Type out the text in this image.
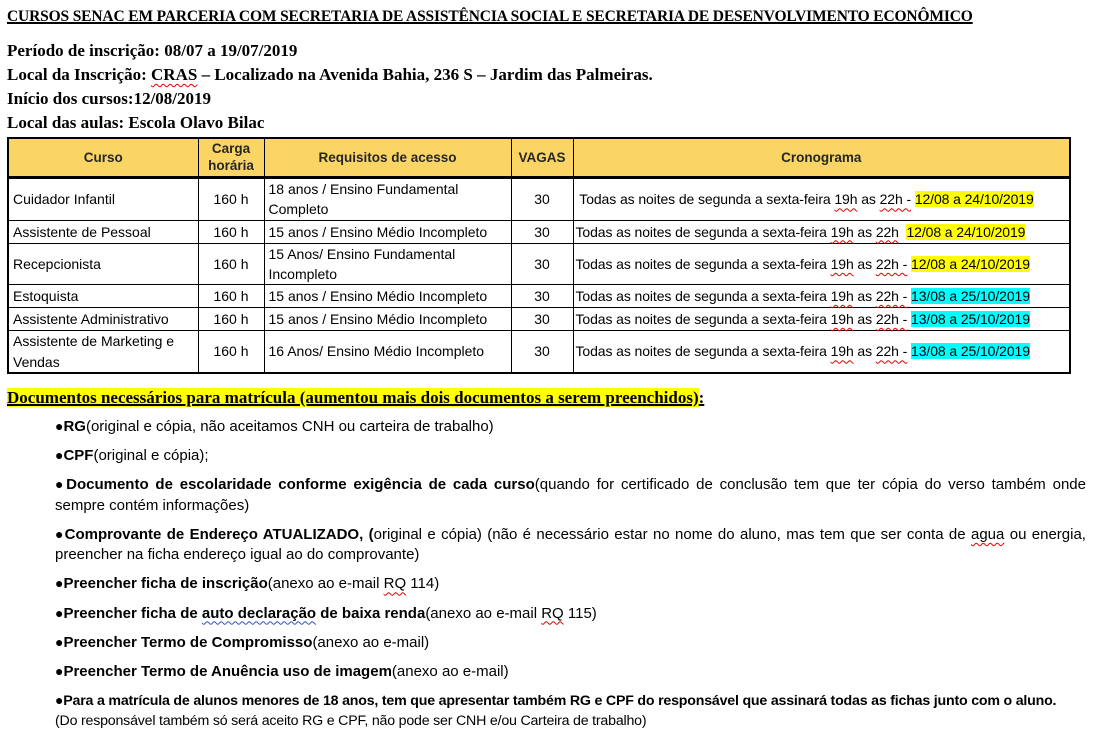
CURSOS SENAC EM PARCERIA COM SECRETARIA DE ASSISTÊNCIA SOCIAL E SECRETARIA DE DESENVOLVIMENTO ECONÔMICO

Período de inscrição: 08/07 a 19/07/2019

Local da Inscrição: CRAS – Localizado na Avenida Bahia, 236 S – Jardim das Palmeiras.

Início dos cursos:12/08/2019

Local das aulas: Escola Olavo Bilac

Curso	Carga horária	Requisitos de acesso	VAGAS	Cronograma
Cuidador Infantil	160 h	18 anos / Ensino Fundamental Completo	30	Todas as noites de segunda a sexta-feira 19h as 22h - 12/08 a 24/10/2019
Assistente de Pessoal	160 h	15 anos / Ensino Médio Incompleto	30	Todas as noites de segunda a sexta-feira 19h as 22h 12/08 a 24/10/2019
Recepcionista	160 h	15 Anos/ Ensino Fundamental Incompleto	30	Todas as noites de segunda a sexta-feira 19h as 22h - 12/08 a 24/10/2019
Estoquista	160 h	15 anos / Ensino Médio Incompleto	30	Todas as noites de segunda a sexta-feira 19h as 22h - 13/08 a 25/10/2019
Assistente Administrativo	160 h	15 anos / Ensino Médio Incompleto	30	Todas as noites de segunda a sexta-feira 19h as 22h - 13/08 a 25/10/2019
Assistente de Marketing e Vendas	160 h	16 Anos/ Ensino Médio Incompleto	30	Todas as noites de segunda a sexta-feira 19h as 22h - 13/08 a 25/10/2019
Documentos necessários para matrícula (aumentou mais dois documentos a serem preenchidos):

●RG(original e cópia, não aceitamos CNH ou carteira de trabalho)

●CPF(original e cópia);

●Documento de escolaridade conforme exigência de cada curso(quando for certificado de conclusão tem que ter cópia do verso também onde sempre contém informações)

●Comprovante de Endereço ATUALIZADO, (original e cópia) (não é necessário estar no nome do aluno, mas tem que ser conta de agua ou energia, preencher na ficha endereço igual ao do comprovante)

●Preencher ficha de inscrição(anexo ao e-mail RQ 114)

●Preencher ficha de auto declaração de baixa renda(anexo ao e-mail RQ 115)

●Preencher Termo de Compromisso(anexo ao e-mail)

●Preencher Termo de Anuência uso de imagem(anexo ao e-mail)

●Para a matrícula de alunos menores de 18 anos, tem que apresentar também RG e CPF do responsável que assinará todas as fichas junto com o aluno.

(Do responsável também só será aceito RG e CPF, não pode ser CNH e/ou Carteira de trabalho)
